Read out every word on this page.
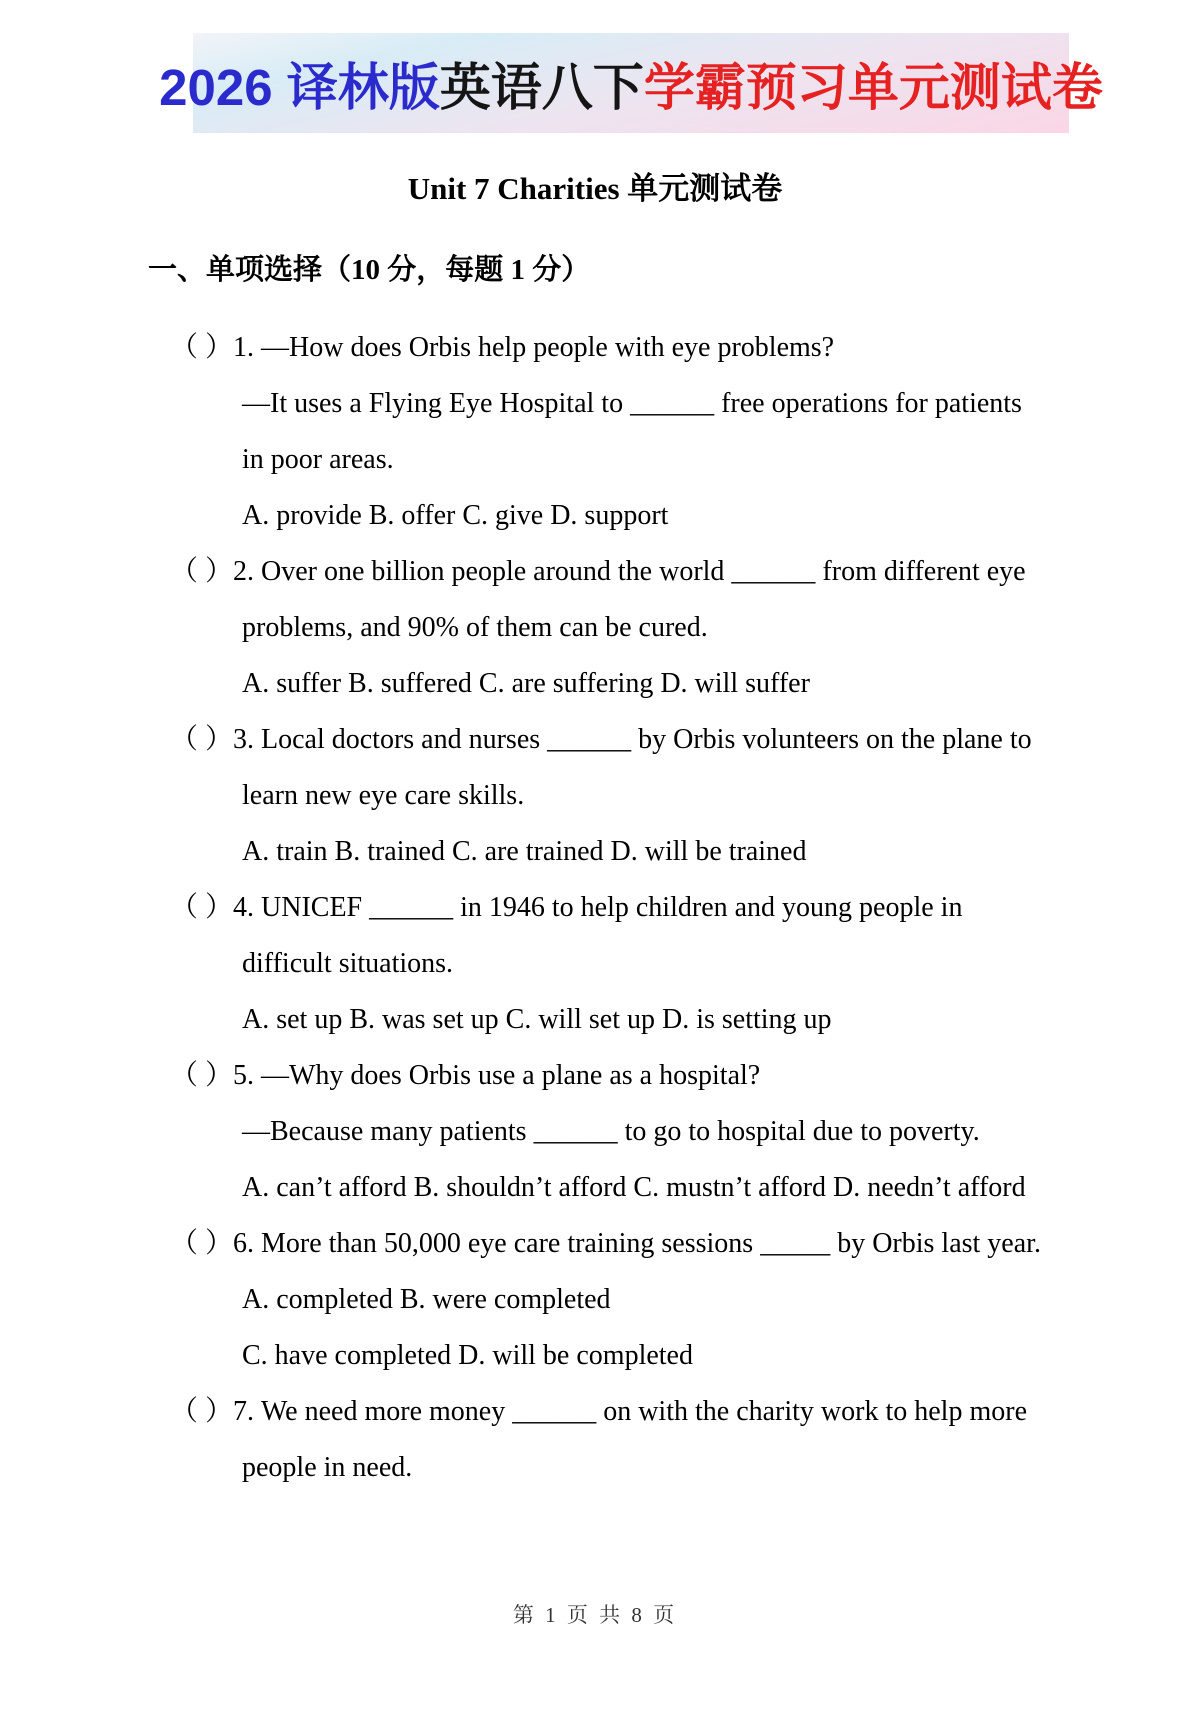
2026 译林版 英语八下 学霸预习单元测试卷
Unit 7 Charities 单元测试卷
一、单项选择（10 分，每题 1 分）
（ ）1. —How does Orbis help people with eye problems?
—It uses a Flying Eye Hospital to ______ free operations for patients
in poor areas.
A. provide B. offer C. give D. support
（ ）2. Over one billion people around the world ______ from different eye
problems, and 90% of them can be cured.
A. suffer B. suffered C. are suffering D. will suffer
（ ）3. Local doctors and nurses ______ by Orbis volunteers on the plane to
learn new eye care skills.
A. train B. trained C. are trained D. will be trained
（ ）4. UNICEF ______ in 1946 to help children and young people in
difficult situations.
A. set up B. was set up C. will set up D. is setting up
（ ）5. —Why does Orbis use a plane as a hospital?
—Because many patients ______ to go to hospital due to poverty.
A. can’t afford B. shouldn’t afford C. mustn’t afford D. needn’t afford
（ ）6. More than 50,000 eye care training sessions _____ by Orbis last year.
A. completed B. were completed
C. have completed D. will be completed
（ ）7. We need more money ______ on with the charity work to help more
people in need.
第 1 页 共 8 页
